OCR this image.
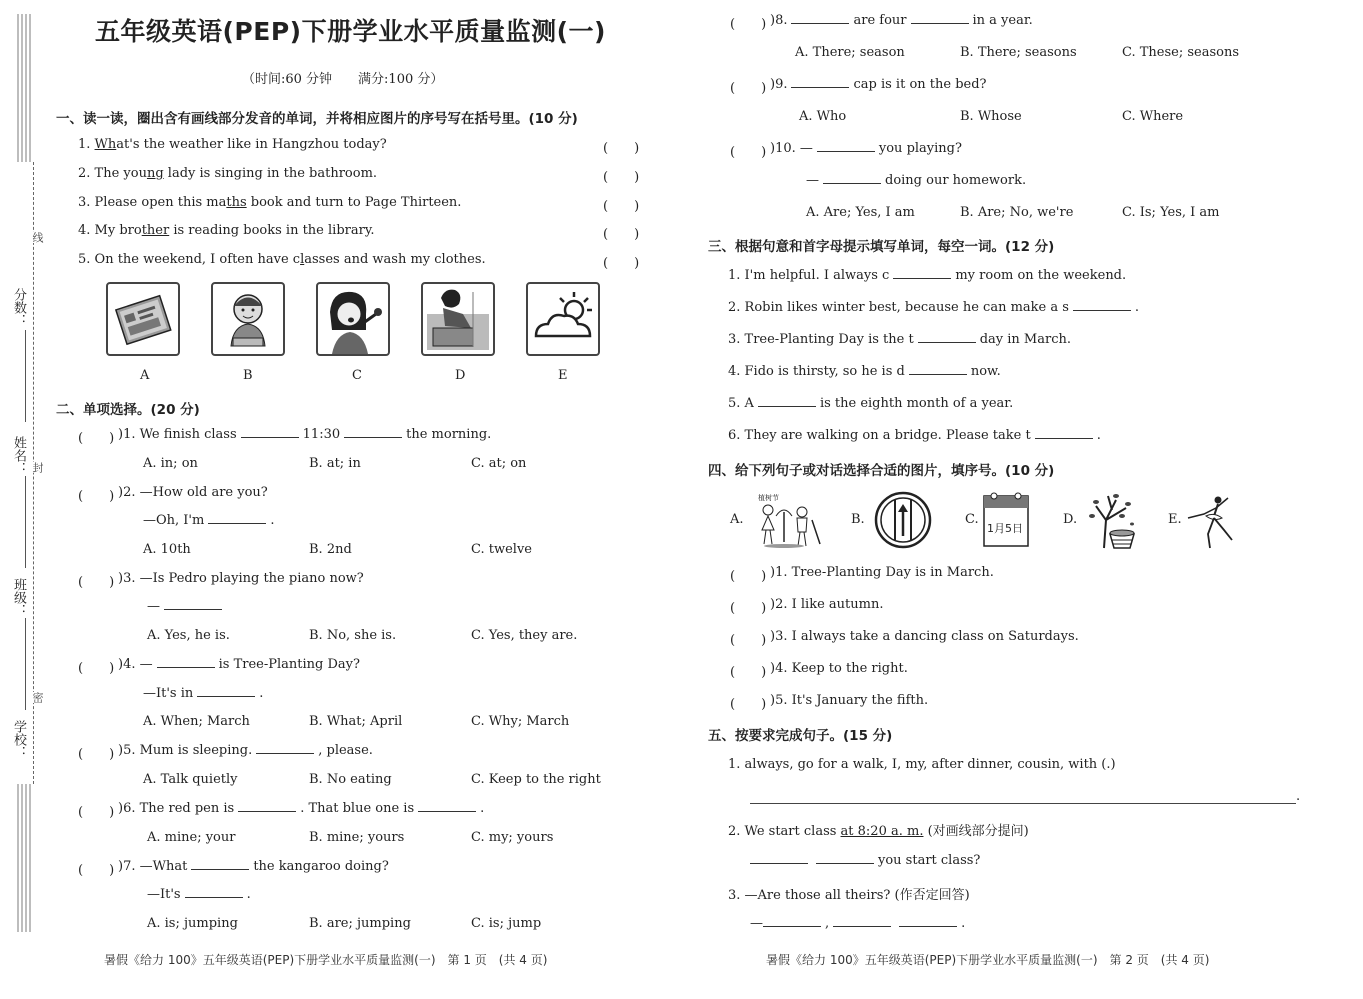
分数：
姓名：
班级：
学校：
线
封
密
五年级英语(PEP)下册学业水平质量监测(一)
（时间:60 分钟　　满分:100 分）
一、读一读，圈出含有画线部分发音的单词，并将相应图片的序号写在括号里。(10 分)
1. What's the weather like in Hangzhou today?
2. The young lady is singing in the bathroom.
3. Please open this maths book and turn to Page Thirteen.
4. My brother is reading books in the library.
5. On the weekend, I often have classes and wash my clothes.
(　　)
(　　)
(　　)
(　　)
(　　)
A	B	C	D	E
二、单项选择。(20 分)
(　　) )1. We finish class	11:30	the morning.
A. in; on	B. at; in	C. at; on
(　　) )2. —How old are you?
—Oh, I'm	.
A. 10th	B. 2nd	C. twelve
(　　) )3. —Is Pedro playing the piano now?
—
A. Yes, he is.	B. No, she is.	C. Yes, they are.
(　　) )4. —	is Tree-Planting Day?
—It's in	.
A. When; March	B. What; April	C. Why; March
(　　) )5. Mum is sleeping.	, please.
A. Talk quietly	B. No eating	C. Keep to the right
(　　) )6. The red pen is	. That blue one is	.
A. mine; your	B. mine; yours	C. my; yours
(　　) )7. —What	the kangaroo doing?
—It's	.
A. is; jumping	B. are; jumping	C. is; jump
暑假《给力 100》五年级英语(PEP)下册学业水平质量监测(一)　第 1 页　(共 4 页)
(　　) )8.	are four	in a year.
A. There; season	B. There; seasons	C. These; seasons
(　　) )9.	cap is it on the bed?
A. Who	B. Whose	C. Where
(　　) )10. —	you playing?
—	doing our homework.
A. Are; Yes, I am	B. Are; No, we're	C. Is; Yes, I am
三、根据句意和首字母提示填写单词，每空一词。(12 分)
1. I'm helpful. I always c	my room on the weekend.
2. Robin likes winter best, because he can make a s	.
3. Tree-Planting Day is the t	day in March.
4. Fido is thirsty, so he is d	now.
5. A	is the eighth month of a year.
6. They are walking on a bridge. Please take t	.
四、给下列句子或对话选择合适的图片，填序号。(10 分)
A.
植树节
B.	C.
1月5日
D.	E.
(　　) )1. Tree-Planting Day is in March.
(　　) )2. I like autumn.
(　　) )3. I always take a dancing class on Saturdays.
(　　) )4. Keep to the right.
(　　) )5. It's January the fifth.
五、按要求完成句子。(15 分)
1. always, go for a walk, I, my, after dinner, cousin, with (.)
.
2. We start class at 8:20 a. m. (对画线部分提问)
you start class?
3. —Are those all theirs? (作否定回答)
—	,	.
暑假《给力 100》五年级英语(PEP)下册学业水平质量监测(一)　第 2 页　(共 4 页)
